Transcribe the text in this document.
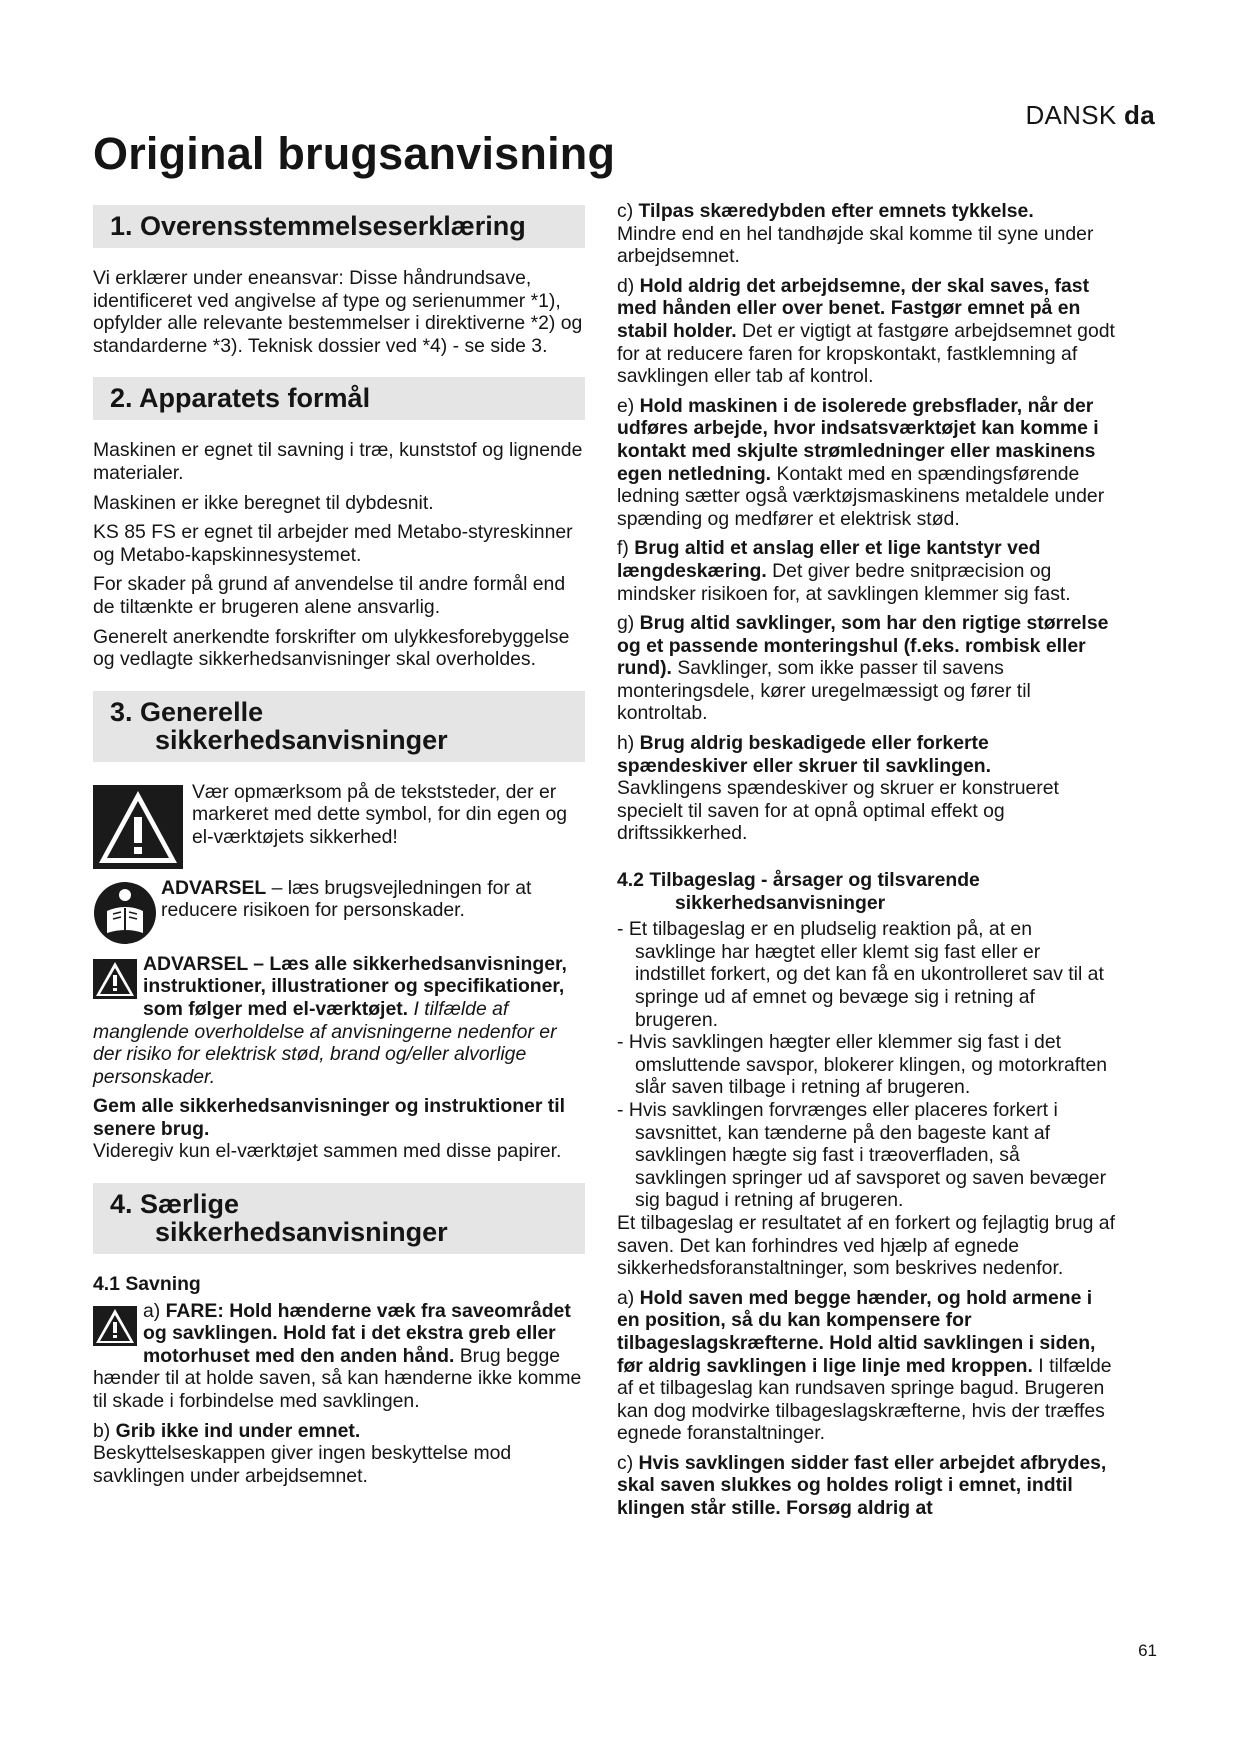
DANSK da
Original brugsanvisning
1. Overensstemmelseserklæring

Vi erklærer under eneansvar: Disse håndrundsave, identificeret ved angivelse af type og serienummer *1), opfylder alle relevante bestemmelser i direktiverne *2) og standarderne *3). Teknisk dossier ved *4) - se side 3.

2. Apparatets formål

Maskinen er egnet til savning i træ, kunststof og lignende materialer.

Maskinen er ikke beregnet til dybdesnit.

KS 85 FS er egnet til arbejder med Metabo-styreskinner og Metabo-kapskinnesystemet.

For skader på grund af anvendelse til andre formål end de tiltænkte er brugeren alene ansvarlig.

Generelt anerkendte forskrifter om ulykkesforebyggelse og vedlagte sikkerhedsanvisninger skal overholdes.

3. Generelle
sikkerhedsanvisninger
Vær opmærksom på de tekststeder, der er markeret med dette symbol, for din egen og el-værktøjets sikkerhed!
ADVARSEL – læs brugsvejledningen for at reducere risikoen for personskader.

ADVARSEL – Læs alle sikkerhedsanvisninger, instruktioner, illustrationer og specifikationer, som følger med el-værktøjet. I tilfælde af manglende overholdelse af anvisningerne nedenfor er der risiko for elektrisk stød, brand og/eller alvorlige personskader.

Gem alle sikkerhedsanvisninger og instruktioner til senere brug.

Videregiv kun el-værktøjet sammen med disse papirer.

4. Særlige
sikkerhedsanvisninger
4.1 Savning

a) FARE: Hold hænderne væk fra saveområdet og savklingen. Hold fat i det ekstra greb eller motorhuset med den anden hånd. Brug begge hænder til at holde saven, så kan hænderne ikke komme til skade i forbindelse med savklingen.

b) Grib ikke ind under emnet.

Beskyttelseskappen giver ingen beskyttelse mod savklingen under arbejdsemnet.

c) Tilpas skæredybden efter emnets tykkelse.

Mindre end en hel tandhøjde skal komme til syne under arbejdsemnet.

d) Hold aldrig det arbejdsemne, der skal saves, fast med hånden eller over benet. Fastgør emnet på en stabil holder. Det er vigtigt at fastgøre arbejdsemnet godt for at reducere faren for kropskontakt, fastklemning af savklingen eller tab af kontrol.

e) Hold maskinen i de isolerede grebsflader, når der udføres arbejde, hvor indsatsværktøjet kan komme i kontakt med skjulte strømledninger eller maskinens egen netledning. Kontakt med en spændingsførende ledning sætter også værktøjsmaskinens metaldele under spænding og medfører et elektrisk stød.

f) Brug altid et anslag eller et lige kantstyr ved længdeskæring. Det giver bedre snitpræcision og mindsker risikoen for, at savklingen klemmer sig fast.

g) Brug altid savklinger, som har den rigtige størrelse og et passende monteringshul (f.eks. rombisk eller rund). Savklinger, som ikke passer til savens monteringsdele, kører uregelmæssigt og fører til kontroltab.

h) Brug aldrig beskadigede eller forkerte spændeskiver eller skruer til savklingen.

Savklingens spændeskiver og skruer er konstrueret specielt til saven for at opnå optimal effekt og driftssikkerhed.

4.2 Tilbageslag - årsager og tilsvarende
sikkerhedsanvisninger

- Et tilbageslag er en pludselig reaktion på, at en savklinge har hægtet eller klemt sig fast eller er indstillet forkert, og det kan få en ukontrolleret sav til at springe ud af emnet og bevæge sig i retning af brugeren.

- Hvis savklingen hægter eller klemmer sig fast i det omsluttende savspor, blokerer klingen, og motorkraften slår saven tilbage i retning af brugeren.

- Hvis savklingen forvrænges eller placeres forkert i savsnittet, kan tænderne på den bageste kant af savklingen hægte sig fast i træoverfladen, så savklingen springer ud af savsporet og saven bevæger sig bagud i retning af brugeren.

Et tilbageslag er resultatet af en forkert og fejlagtig brug af saven. Det kan forhindres ved hjælp af egnede sikkerhedsforanstaltninger, som beskrives nedenfor.

a) Hold saven med begge hænder, og hold armene i en position, så du kan kompensere for tilbageslagskræfterne. Hold altid savklingen i siden, før aldrig savklingen i lige linje med kroppen. I tilfælde af et tilbageslag kan rundsaven springe bagud. Brugeren kan dog modvirke tilbageslagskræfterne, hvis der træffes egnede foranstaltninger.

c) Hvis savklingen sidder fast eller arbejdet afbrydes, skal saven slukkes og holdes roligt i emnet, indtil klingen står stille. Forsøg aldrig at

61
